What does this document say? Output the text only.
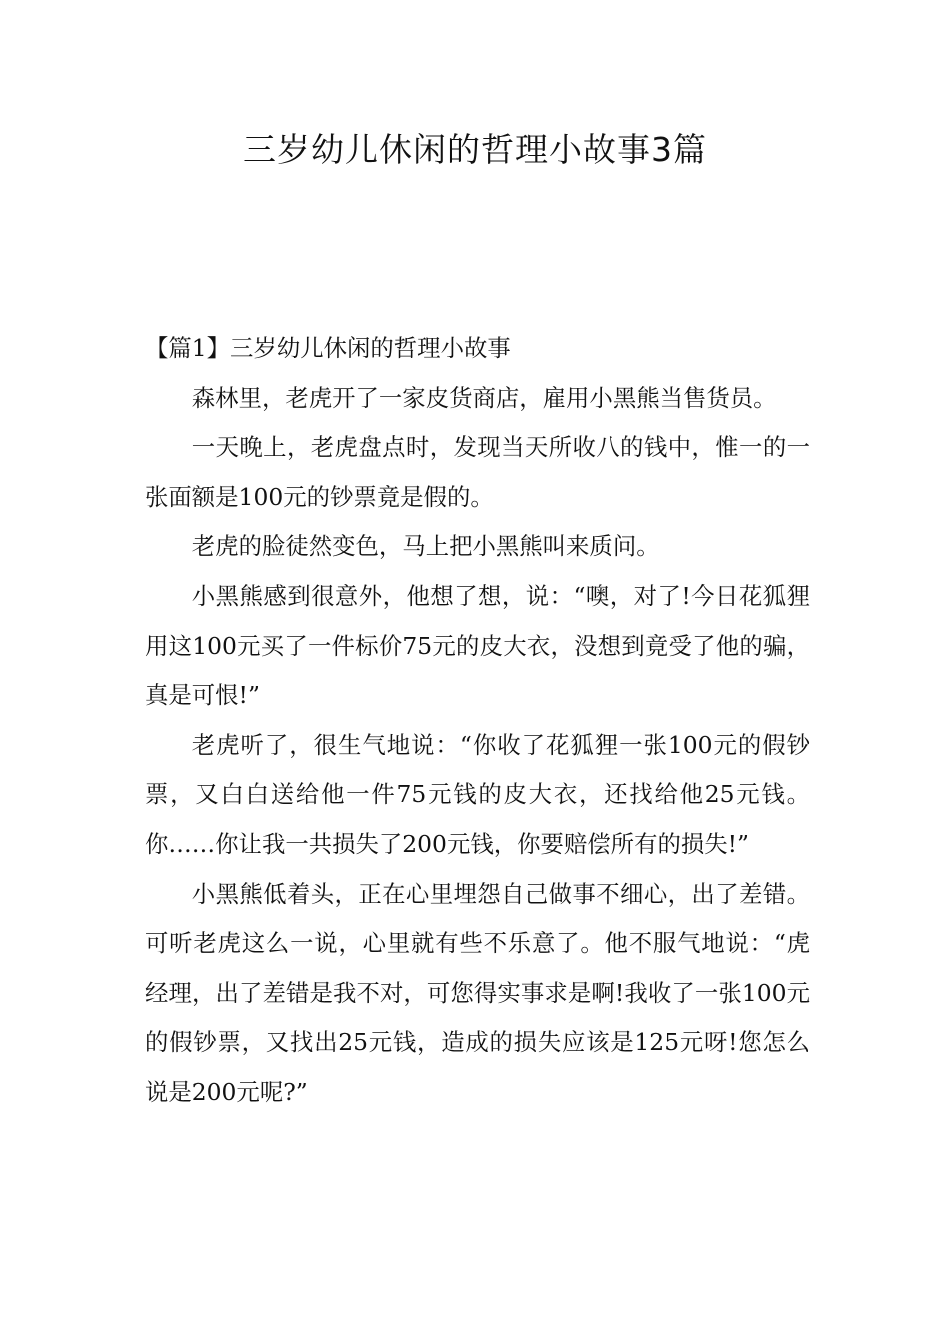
三岁幼儿休闲的哲理小故事3篇

【篇1】三岁幼儿休闲的哲理小故事

森林里，老虎开了一家皮货商店，雇用小黑熊当售货员。

一天晚上，老虎盘点时，发现当天所收八的钱中，惟一的一张面额是100元的钞票竟是假的。

老虎的脸徒然变色，马上把小黑熊叫来质问。

小黑熊感到很意外，他想了想，说：“噢，对了!今日花狐狸用这100元买了一件标价75元的皮大衣，没想到竟受了他的骗，真是可恨!”

老虎听了，很生气地说：“你收了花狐狸一张100元的假钞票，又白白送给他一件75元钱的皮大衣，还找给他25元钱。你……你让我一共损失了200元钱，你要赔偿所有的损失!”

小黑熊低着头，正在心里埋怨自己做事不细心，出了差错。可听老虎这么一说，心里就有些不乐意了。他不服气地说：“虎经理，出了差错是我不对，可您得实事求是啊!我收了一张100元的假钞票，又找出25元钱，造成的损失应该是125元呀!您怎么说是200元呢?”
